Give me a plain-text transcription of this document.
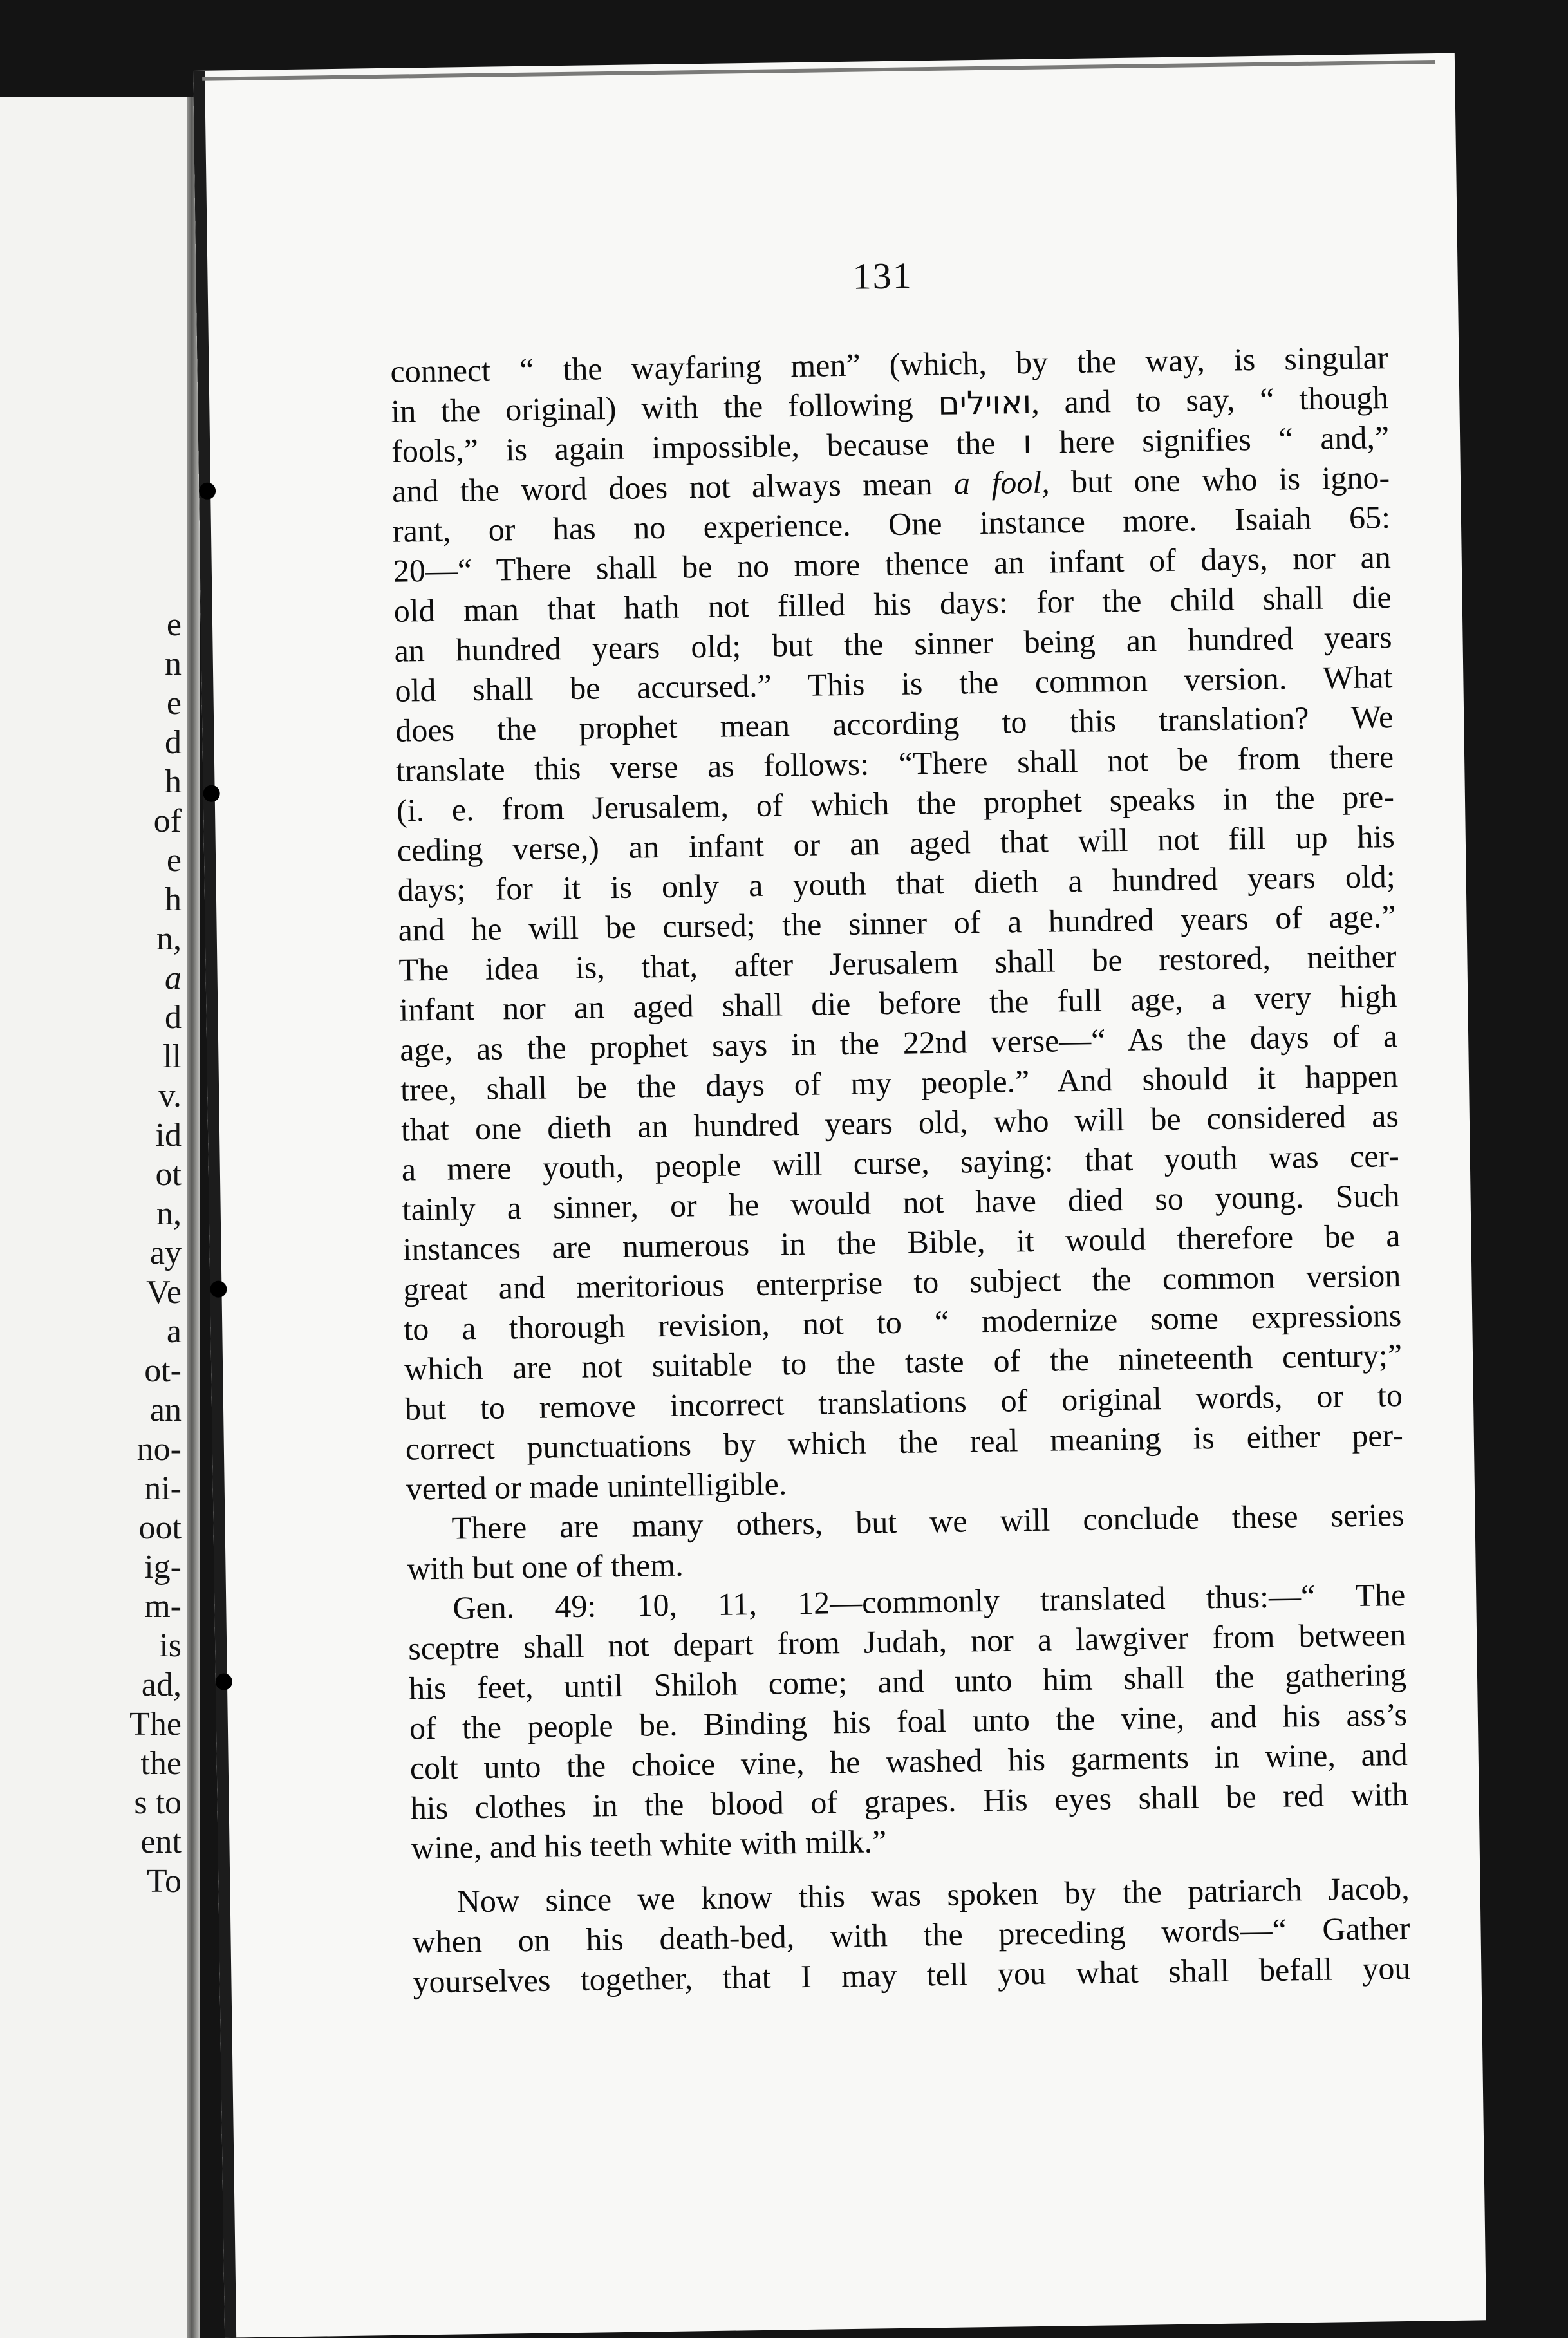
e
n
e
d
h
of
e
h
n,
a
d
ll
v.
id
ot
n,
ay
Ve
a
ot-
an
no-
ni-
oot
ig-
m-
is
ad,
The
the
s to
ent
To
131
connect “ the wayfaring men” (which, by the way, is singular
in the original) with the following ואוילים, and to say, “ though
fools,” is again impossible, because the ו here signifies “ and,”
and the word does not always mean a fool, but one who is igno-
rant, or has no experience. One instance more. Isaiah 65:
20—“ There shall be no more thence an infant of days, nor an
old man that hath not filled his days: for the child shall die
an hundred years old; but the sinner being an hundred years
old shall be accursed.” This is the common version. What
does the prophet mean according to this translation? We
translate this verse as follows: “There shall not be from there
(i. e. from Jerusalem, of which the prophet speaks in the pre-
ceding verse,) an infant or an aged that will not fill up his
days; for it is only a youth that dieth a hundred years old;
and he will be cursed; the sinner of a hundred years of age.”
The idea is, that, after Jerusalem shall be restored, neither
infant nor an aged shall die before the full age, a very high
age, as the prophet says in the 22nd verse—“ As the days of a
tree, shall be the days of my people.” And should it happen
that one dieth an hundred years old, who will be considered as
a mere youth, people will curse, saying: that youth was cer-
tainly a sinner, or he would not have died so young. Such
instances are numerous in the Bible, it would therefore be a
great and meritorious enterprise to subject the common version
to a thorough revision, not to “ modernize some expressions
which are not suitable to the taste of the nineteenth century;”
but to remove incorrect translations of original words, or to
correct punctuations by which the real meaning is either per-
verted or made unintelligible.
There are many others, but we will conclude these series
with but one of them.
Gen. 49: 10, 11, 12—commonly translated thus:—“ The
sceptre shall not depart from Judah, nor a lawgiver from between
his feet, until Shiloh come; and unto him shall the gathering
of the people be. Binding his foal unto the vine, and his ass’s
colt unto the choice vine, he washed his garments in wine, and
his clothes in the blood of grapes. His eyes shall be red with
wine, and his teeth white with milk.”
Now since we know this was spoken by the patriarch Jacob,
when on his death-bed, with the preceding words—“ Gather
yourselves together, that I may tell you what shall befall you
